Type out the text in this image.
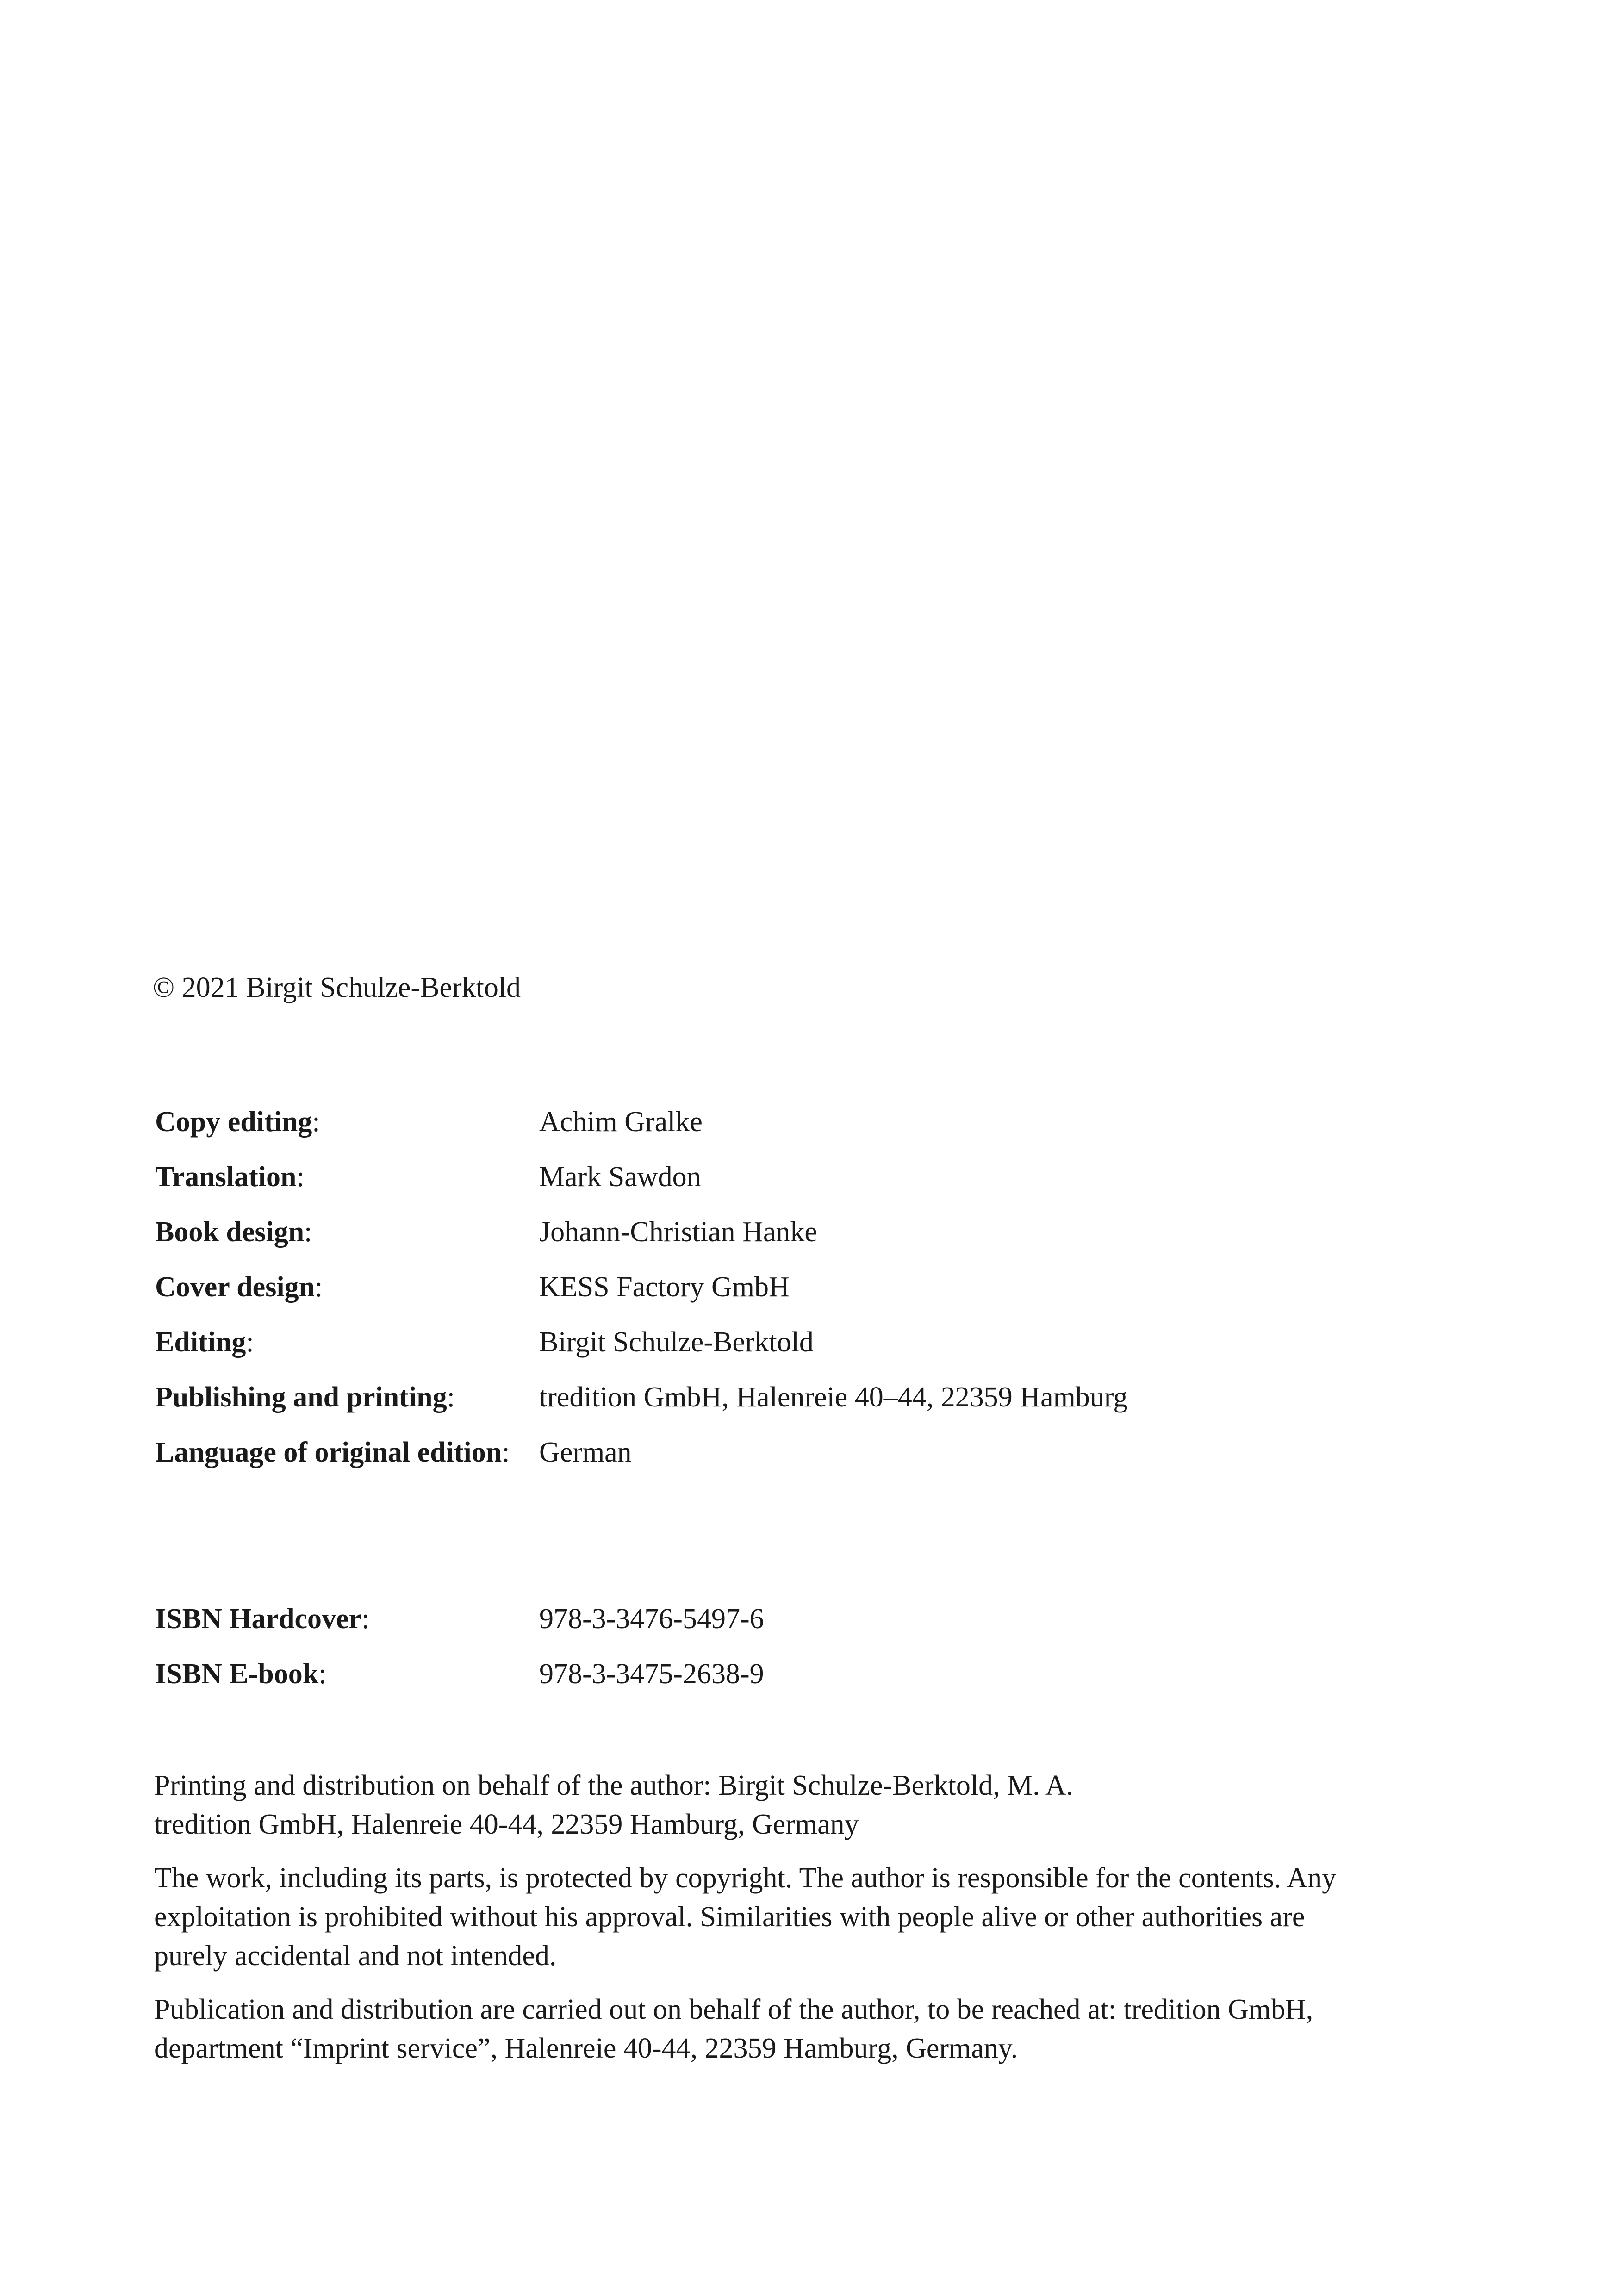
© 2021 Birgit Schulze-Berktold
Copy editing:	Achim Gralke
Translation:	Mark Sawdon
Book design:	Johann-Christian Hanke
Cover design:	KESS Factory GmbH
Editing:	Birgit Schulze-Berktold
Publishing and printing:	tredition GmbH, Halenreie 40–44, 22359 Hamburg
Language of original edition:	German
ISBN Hardcover:	978-3-3476-5497-6
ISBN E-book:	978-3-3475-2638-9

Printing and distribution on behalf of the author: Birgit Schulze-Berktold, M. A.
tredition GmbH, Halenreie 40-44, 22359 Hamburg, Germany

The work, including its parts, is protected by copyright. The author is responsible for the contents. Any
exploitation is prohibited without his approval. Similarities with people alive or other authorities are
purely accidental and not intended.

Publication and distribution are carried out on behalf of the author, to be reached at: tredition GmbH,
department “Imprint service”, Halenreie 40-44, 22359 Hamburg, Germany.
